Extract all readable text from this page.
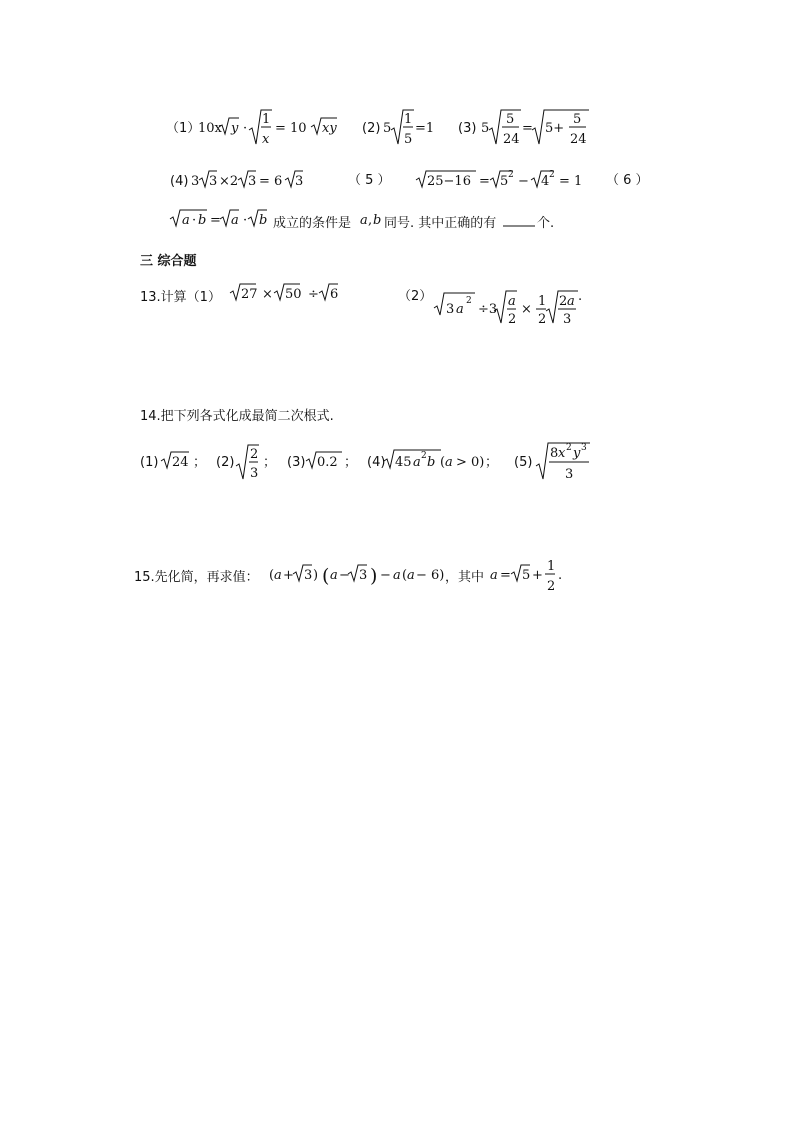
（1）
10x y ·
1
x
= 10 xy (2) 5
1
5
=1 (3) 5
5
24
= 5+
5
24
(4) 3 3 ×2 3 = 6 3	（ 5 ）	25−16 = 5 2 − 4 2 = 1 （ 6 ）
a · b = a · b	a , b
成立的条件是	同号. 其中正确的有	个.
三 综合题
13.计算（1） 27 × 50 ÷ 6	（2）
3 a
2
÷3
a
2
×
1
2
2 a
3
.
14.把下列各式化成最简二次根式.
(1) 24 ； (2)
2
3
； (3) 0.2 ； (4) 45 a 2 b ( a > 0) ； (5)
8 x 2 y 3
3
15.先化简，再求值： ( a + 3 ) ( a − 3 ) − a ( a − 6)	a = 5 +
1
2
.
，其中
